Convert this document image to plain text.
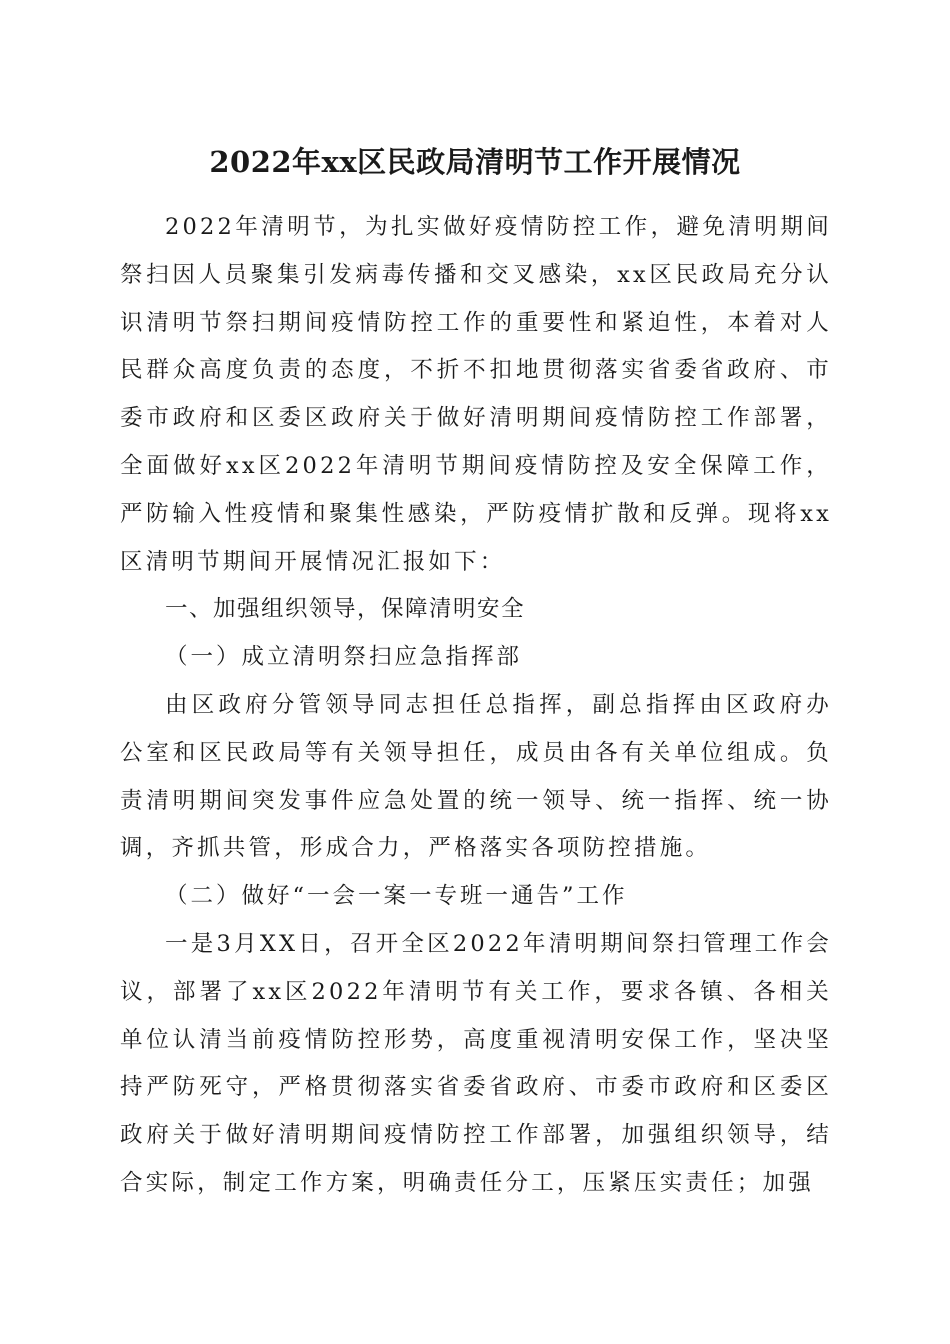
2022年xx区民政局清明节工作开展情况

2022年清明节，为扎实做好疫情防控工作，避免清明期间祭扫因人员聚集引发病毒传播和交叉感染，xx区民政局充分认识清明节祭扫期间疫情防控工作的重要性和紧迫性，本着对人民群众高度负责的态度，不折不扣地贯彻落实省委省政府、市委市政府和区委区政府关于做好清明期间疫情防控工作部署，全面做好xx区2022年清明节期间疫情防控及安全保障工作，严防输入性疫情和聚集性感染，严防疫情扩散和反弹。现将xx区清明节期间开展情况汇报如下：

一、加强组织领导，保障清明安全

（一）成立清明祭扫应急指挥部

由区政府分管领导同志担任总指挥，副总指挥由区政府办公室和区民政局等有关领导担任，成员由各有关单位组成。负责清明期间突发事件应急处置的统一领导、统一指挥、统一协调，齐抓共管，形成合力，严格落实各项防控措施。

（二）做好“一会一案一专班一通告”工作

一是3月XX日，召开全区2022年清明期间祭扫管理工作会议，部署了xx区2022年清明节有关工作，要求各镇、各相关单位认清当前疫情防控形势，高度重视清明安保工作，坚决坚持严防死守，严格贯彻落实省委省政府、市委市政府和区委区政府关于做好清明期间疫情防控工作部署，加强组织领导，结合实际，制定工作方案，明确责任分工，压紧压实责任；加强
